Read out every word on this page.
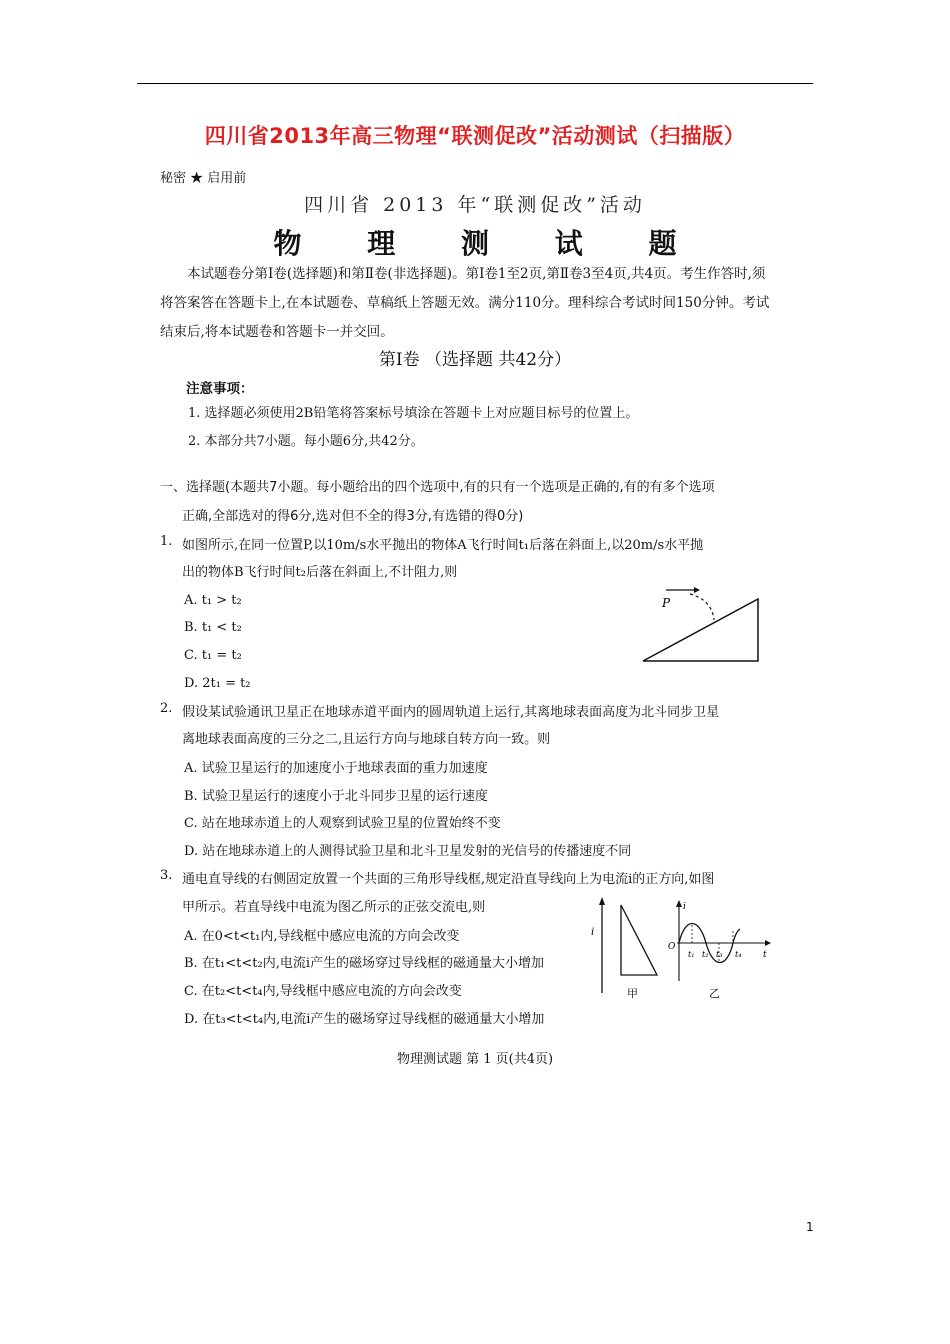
四川省2013年高三物理“联测促改”活动测试（扫描版）
秘密 ★ 启用前
四川省 2013 年“联测促改”活动
物 理 测 试 题
本试题卷分第Ⅰ卷(选择题)和第Ⅱ卷(非选择题)。第Ⅰ卷1至2页,第Ⅱ卷3至4页,共4页。考生作答时,须将答案答在答题卡上,在本试题卷、草稿纸上答题无效。满分110分。理科综合考试时间150分钟。考试结束后,将本试题卷和答题卡一并交回。
第Ⅰ卷 （选择题 共42分）
注意事项：
1. 选择题必须使用2B铅笔将答案标号填涂在答题卡上对应题目标号的位置上。
2. 本部分共7小题。每小题6分,共42分。
一、选择题(本题共7小题。每小题给出的四个选项中,有的只有一个选项是正确的,有的有多个选项
正确,全部选对的得6分,选对但不全的得3分,有选错的得0分)
1. 如图所示,在同一位置P,以10m/s水平抛出的物体A飞行时间t₁后落在斜面上,以20m/s水平抛
出的物体B飞行时间t₂后落在斜面上,不计阻力,则
A. t₁ > t₂
B. t₁ < t₂
C. t₁ = t₂
D. 2t₁ = t₂
P
2. 假设某试验通讯卫星正在地球赤道平面内的圆周轨道上运行,其离地球表面高度为北斗同步卫星
离地球表面高度的三分之二,且运行方向与地球自转方向一致。则
A. 试验卫星运行的加速度小于地球表面的重力加速度
B. 试验卫星运行的速度小于北斗同步卫星的运行速度
C. 站在地球赤道上的人观察到试验卫星的位置始终不变
D. 站在地球赤道上的人测得试验卫星和北斗卫星发射的光信号的传播速度不同
3. 通电直导线的右侧固定放置一个共面的三角形导线框,规定沿直导线向上为电流i的正方向,如图
甲所示。若直导线中电流为图乙所示的正弦交流电,则
A. 在0<t<t₁内,导线框中感应电流的方向会改变
B. 在t₁<t<t₂内,电流i产生的磁场穿过导线框的磁通量大小增加
C. 在t₂<t<t₄内,导线框中感应电流的方向会改变
D. 在t₃<t<t₄内,电流i产生的磁场穿过导线框的磁通量大小增加
i
甲
i
t
O
t₁ t₂ t₃ t₄
乙
物理测试题 第 1 页(共4页)
1
